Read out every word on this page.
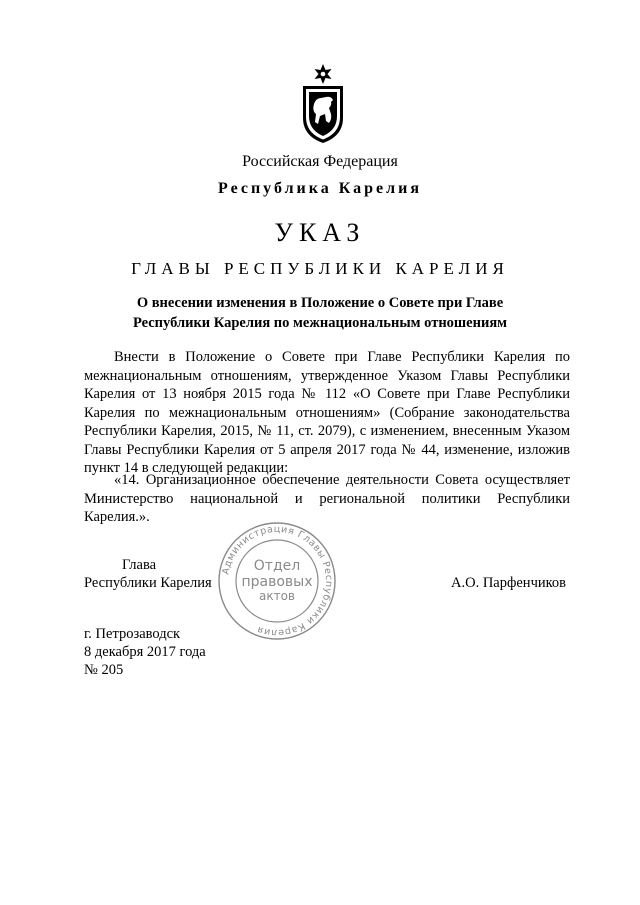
Российская Федерация
Республика Карелия
УКАЗ
ГЛАВЫ РЕСПУБЛИКИ КАРЕЛИЯ
О внесении изменения в Положение о Совете при Главе
Республики Карелия по межнациональным отношениям
Внести в Положение о Совете при Главе Республики Карелия по межнациональным отношениям, утвержденное Указом Главы Республики Карелия от 13 ноября 2015 года № 112 «О Совете при Главе Республики Карелия по межнациональным отношениям» (Собрание законодательства Республики Карелия, 2015, № 11, ст. 2079), с изменением, внесенным Указом Главы Республики Карелия от 5 апреля 2017 года № 44, изменение, изложив пункт 14 в следующей редакции:
«14. Организационное обеспечение деятельности Совета осуществляет Министерство национальной и региональной политики Республики Карелия.».
Администрация Главы Республики Карелия
Отдел
правовых
актов
Глава
Республики Карелия	А.О. Парфенчиков
г. Петрозаводск
8 декабря 2017 года
№ 205
